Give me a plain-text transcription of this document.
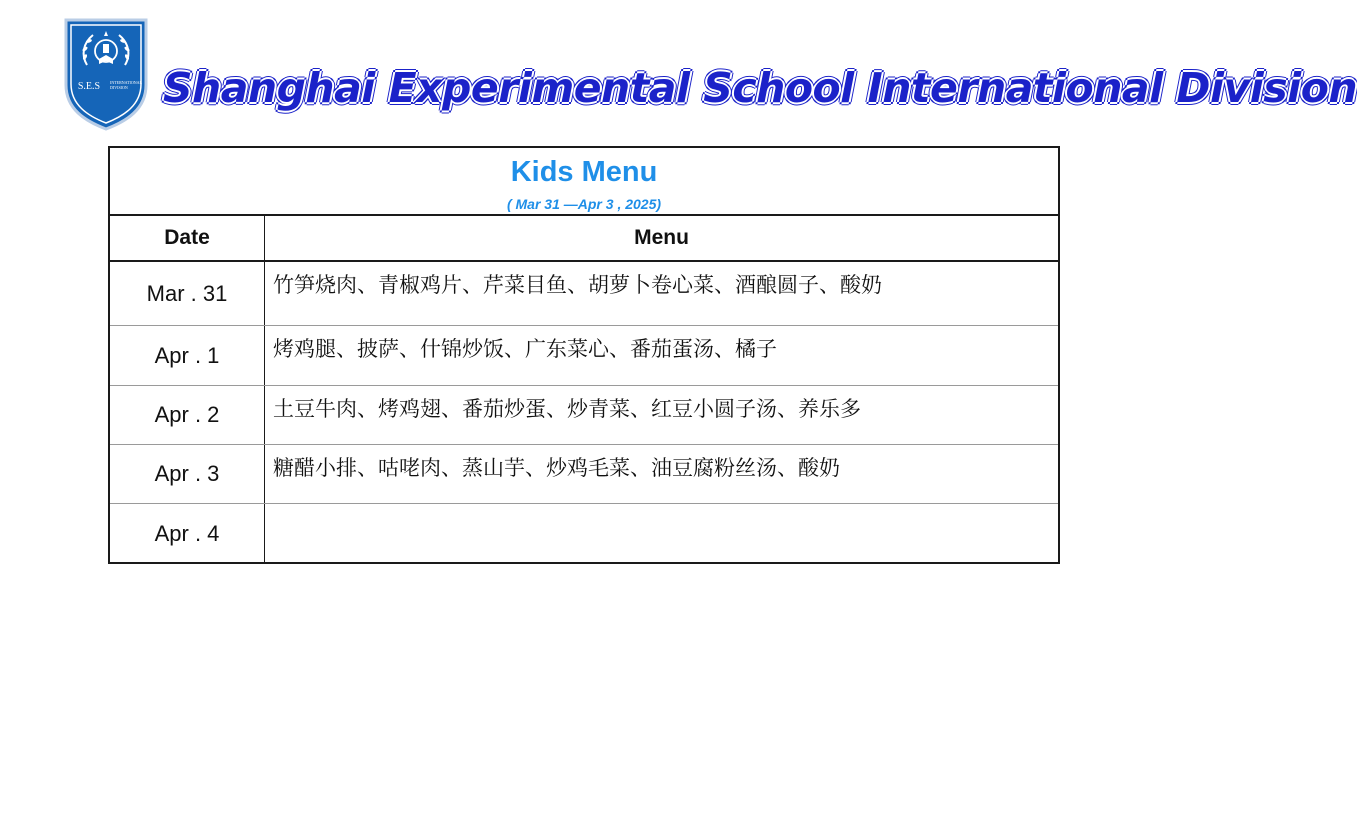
S.E.S	INTERNATIONAL DIVISION Shanghai Experimental School International Division
Kids Menu
( Mar 31 —Apr 3 , 2025)
Date	Menu
Mar . 31	竹笋烧肉、青椒鸡片、芹菜目鱼、胡萝卜卷心菜、酒酿圆子、酸奶
Apr . 1	烤鸡腿、披萨、什锦炒饭、广东菜心、番茄蛋汤、橘子
Apr . 2	土豆牛肉、烤鸡翅、番茄炒蛋、炒青菜、红豆小圆子汤、养乐多
Apr . 3	糖醋小排、咕咾肉、蒸山芋、炒鸡毛菜、油豆腐粉丝汤、酸奶
Apr . 4
